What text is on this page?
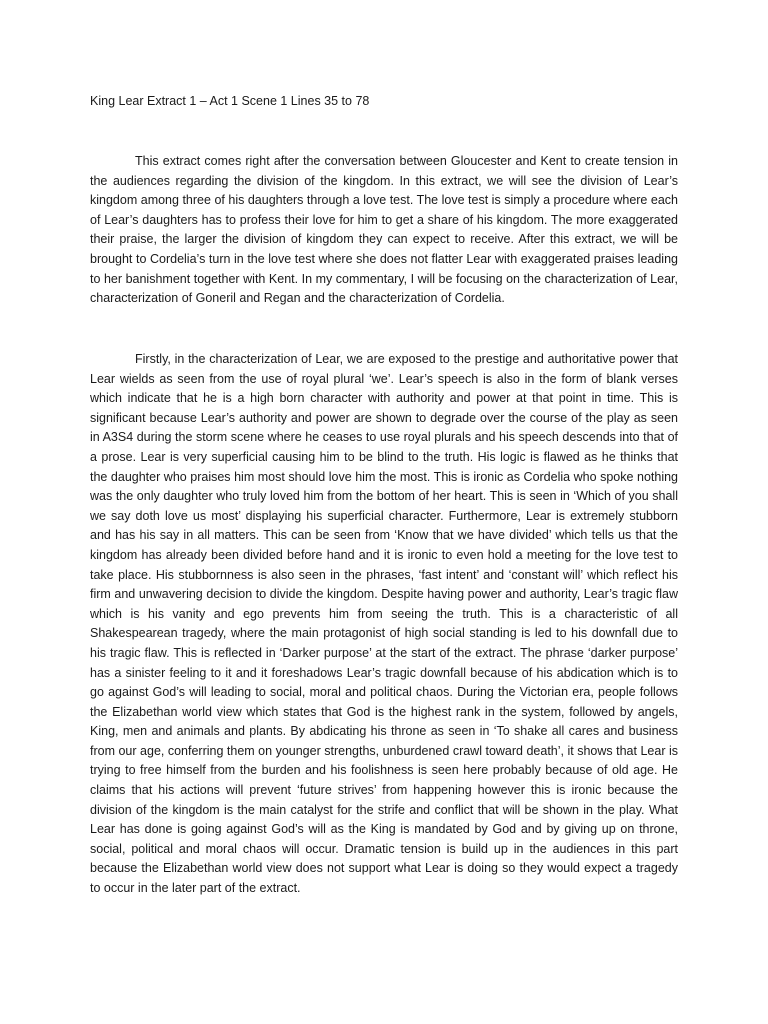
King Lear Extract 1 – Act 1 Scene 1 Lines 35 to 78

This extract comes right after the conversation between Gloucester and Kent to create tension in the audiences regarding the division of the kingdom. In this extract, we will see the division of Lear’s kingdom among three of his daughters through a love test. The love test is simply a procedure where each of Lear’s daughters has to profess their love for him to get a share of his kingdom. The more exaggerated their praise, the larger the division of kingdom they can expect to receive. After this extract, we will be brought to Cordelia’s turn in the love test where she does not flatter Lear with exaggerated praises leading to her banishment together with Kent. In my commentary, I will be focusing on the characterization of Lear, characterization of Goneril and Regan and the characterization of Cordelia.

Firstly, in the characterization of Lear, we are exposed to the prestige and authoritative power that Lear wields as seen from the use of royal plural ‘we’. Lear’s speech is also in the form of blank verses which indicate that he is a high born character with authority and power at that point in time. This is significant because Lear’s authority and power are shown to degrade over the course of the play as seen in A3S4 during the storm scene where he ceases to use royal plurals and his speech descends into that of a prose. Lear is very superficial causing him to be blind to the truth. His logic is flawed as he thinks that the daughter who praises him most should love him the most. This is ironic as Cordelia who spoke nothing was the only daughter who truly loved him from the bottom of her heart. This is seen in ‘Which of you shall we say doth love us most’ displaying his superficial character. Furthermore, Lear is extremely stubborn and has his say in all matters. This can be seen from ‘Know that we have divided’ which tells us that the kingdom has already been divided before hand and it is ironic to even hold a meeting for the love test to take place. His stubbornness is also seen in the phrases, ‘fast intent’ and ‘constant will’ which reflect his firm and unwavering decision to divide the kingdom. Despite having power and authority, Lear’s tragic flaw which is his vanity and ego prevents him from seeing the truth. This is a characteristic of all Shakespearean tragedy, where the main protagonist of high social standing is led to his downfall due to his tragic flaw. This is reflected in ‘Darker purpose’ at the start of the extract. The phrase ‘darker purpose’ has a sinister feeling to it and it foreshadows Lear’s tragic downfall because of his abdication which is to go against God’s will leading to social, moral and political chaos. During the Victorian era, people follows the Elizabethan world view which states that God is the highest rank in the system, followed by angels, King, men and animals and plants. By abdicating his throne as seen in ‘To shake all cares and business from our age, conferring them on younger strengths, unburdened crawl toward death’, it shows that Lear is trying to free himself from the burden and his foolishness is seen here probably because of old age. He claims that his actions will prevent ‘future strives’ from happening however this is ironic because the division of the kingdom is the main catalyst for the strife and conflict that will be shown in the play. What Lear has done is going against God’s will as the King is mandated by God and by giving up on throne, social, political and moral chaos will occur. Dramatic tension is build up in the audiences in this part because the Elizabethan world view does not support what Lear is doing so they would expect a tragedy to occur in the later part of the extract.
